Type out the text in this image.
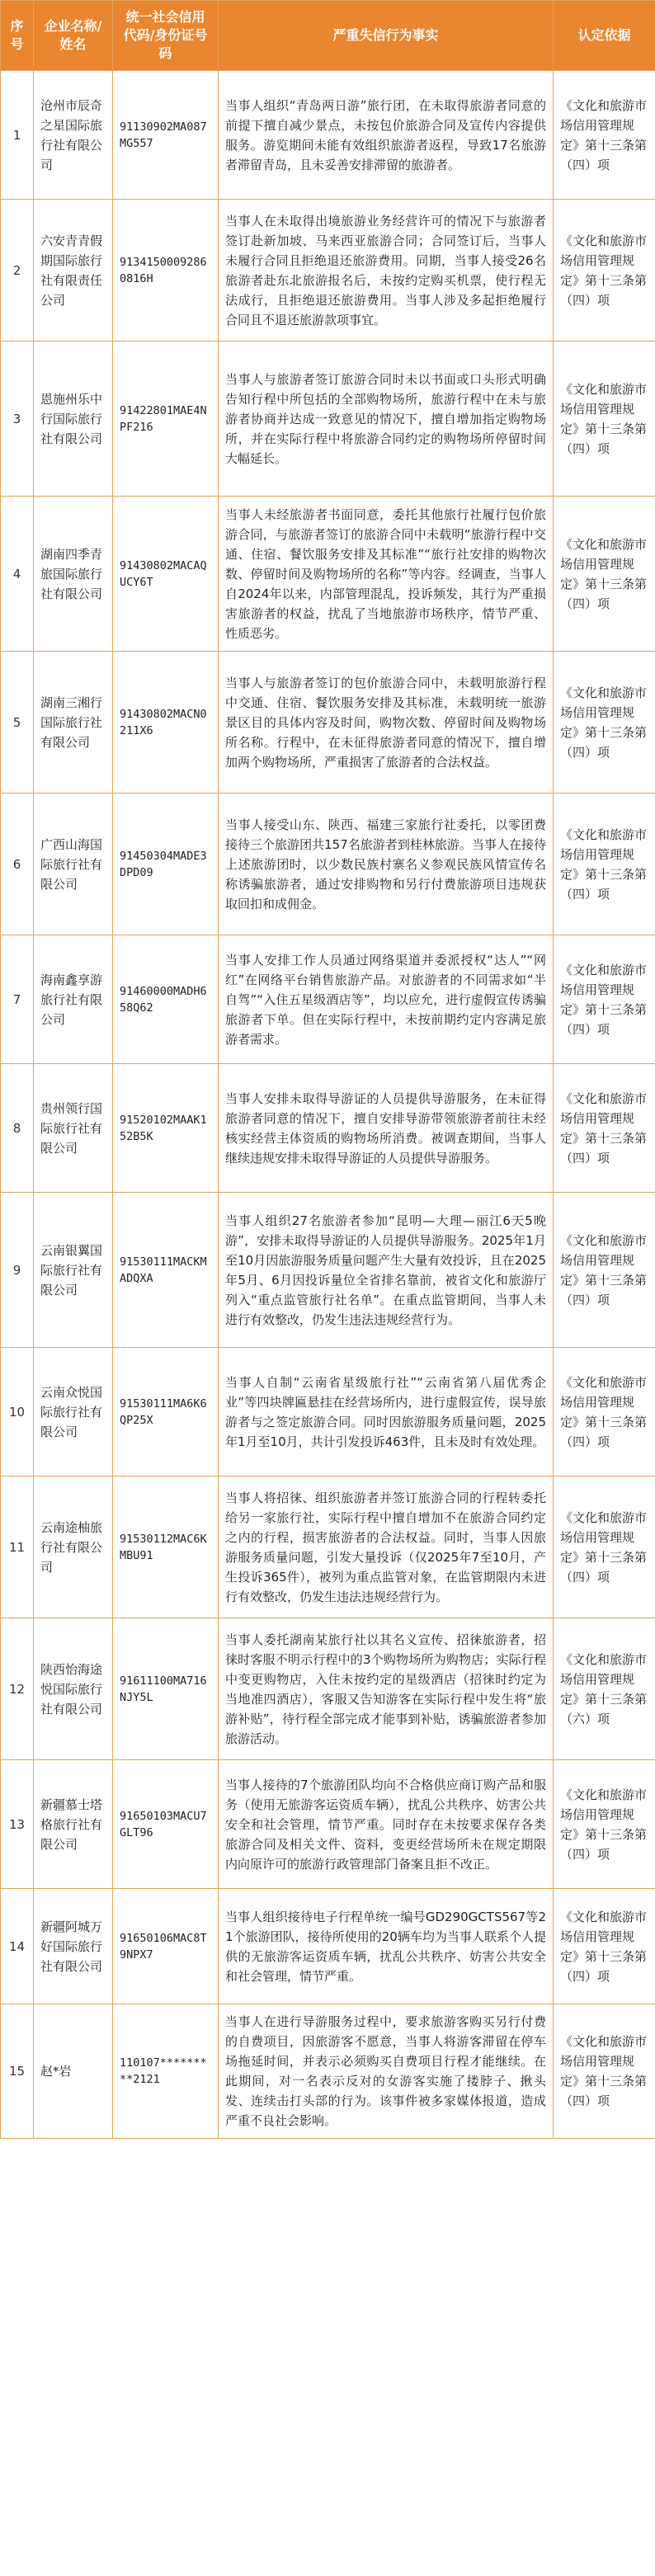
序号	企业名称/姓名	统一社会信用代码/身份证号码	严重失信行为事实	认定依据
1	沧州市辰奇之星国际旅行社有限公司	91130902MA087MG557	当事人组织“青岛两日游”旅行团，在未取得旅游者同意的前提下擅自减少景点，未按包价旅游合同及宣传内容提供服务。游览期间未能有效组织旅游者返程，导致17名旅游者滞留青岛，且未妥善安排滞留的旅游者。	《文化和旅游市场信用管理规定》第十三条第（四）项
2	六安青青假期国际旅行社有限责任公司	91341500092860816H	当事人在未取得出境旅游业务经营许可的情况下与旅游者签订赴新加坡、马来西亚旅游合同；合同签订后，当事人未履行合同且拒绝退还旅游费用。同期，当事人接受26名旅游者赴东北旅游报名后，未按约定购买机票，使行程无法成行，且拒绝退还旅游费用。当事人涉及多起拒绝履行合同且不退还旅游款项事宜。	《文化和旅游市场信用管理规定》第十三条第（四）项
3	恩施州乐中行国际旅行社有限公司	91422801MAE4NPF216	当事人与旅游者签订旅游合同时未以书面或口头形式明确告知行程中所包括的全部购物场所，旅游行程中在未与旅游者协商并达成一致意见的情况下，擅自增加指定购物场所，并在实际行程中将旅游合同约定的购物场所停留时间大幅延长。	《文化和旅游市场信用管理规定》第十三条第（四）项
4	湖南四季青旅国际旅行社有限公司	91430802MACAQUCY6T	当事人未经旅游者书面同意，委托其他旅行社履行包价旅游合同，与旅游者签订的旅游合同中未载明“旅游行程中交通、住宿、餐饮服务安排及其标准”“旅行社安排的购物次数、停留时间及购物场所的名称”等内容。经调查，当事人自2024年以来，内部管理混乱，投诉频发，其行为严重损害旅游者的权益，扰乱了当地旅游市场秩序，情节严重、性质恶劣。	《文化和旅游市场信用管理规定》第十三条第（四）项
5	湖南三湘行国际旅行社有限公司	91430802MACN0211X6	当事人与旅游者签订的包价旅游合同中，未载明旅游行程中交通、住宿、餐饮服务安排及其标准，未载明统一旅游景区目的具体内容及时间，购物次数、停留时间及购物场所名称。行程中，在未征得旅游者同意的情况下，擅自增加两个购物场所，严重损害了旅游者的合法权益。	《文化和旅游市场信用管理规定》第十三条第（四）项
6	广西山海国际旅行社有限公司	91450304MADE3DPD09	当事人接受山东、陕西、福建三家旅行社委托，以零团费接待三个旅游团共157名旅游者到桂林旅游。当事人在接待上述旅游团时，以少数民族村寨名义参观民族风情宣传名称诱骗旅游者，通过安排购物和另行付费旅游项目违规获取回扣和成佣金。	《文化和旅游市场信用管理规定》第十三条第（四）项
7	海南鑫享游旅行社有限公司	91460000MADH658Q62	当事人安排工作人员通过网络渠道并委派授权“达人”“网红”在网络平台销售旅游产品。对旅游者的不同需求如“半自驾”“入住五星级酒店等”，均以应允，进行虚假宣传诱骗旅游者下单。但在实际行程中，未按前期约定内容满足旅游者需求。	《文化和旅游市场信用管理规定》第十三条第（四）项
8	贵州领行国际旅行社有限公司	91520102MAAK152B5K	当事人安排未取得导游证的人员提供导游服务，在未征得旅游者同意的情况下，擅自安排导游带领旅游者前往未经核实经营主体资质的购物场所消费。被调查期间，当事人继续违规安排未取得导游证的人员提供导游服务。	《文化和旅游市场信用管理规定》第十三条第（四）项
9	云南银翼国际旅行社有限公司	91530111MACKMADQXA	当事人组织27名旅游者参加“昆明—大理—丽江6天5晚游”，安排未取得导游证的人员提供导游服务。2025年1月至10月因旅游服务质量问题产生大量有效投诉，且在2025年5月、6月因投诉量位全省排名靠前，被省文化和旅游厅列入“重点监管旅行社名单”。在重点监管期间，当事人未进行有效整改，仍发生违法违规经营行为。	《文化和旅游市场信用管理规定》第十三条第（四）项
10	云南众悦国际旅行社有限公司	91530111MA6K6QP25X	当事人自制“云南省星级旅行社”“云南省第八届优秀企业”等四块牌匾悬挂在经营场所内，进行虚假宣传，误导旅游者与之签定旅游合同。同时因旅游服务质量问题，2025年1月至10月，共计引发投诉463件，且未及时有效处理。	《文化和旅游市场信用管理规定》第十三条第（四）项
11	云南途柚旅行社有限公司	91530112MAC6KMBU91	当事人将招徕、组织旅游者并签订旅游合同的行程转委托给另一家旅行社，实际行程中擅自增加不在旅游合同约定之内的行程，损害旅游者的合法权益。同时，当事人因旅游服务质量问题，引发大量投诉（仅2025年7至10月，产生投诉365件），被列为重点监管对象，在监管期限内未进行有效整改，仍发生违法违规经营行为。	《文化和旅游市场信用管理规定》第十三条第（四）项
12	陕西怡海途悦国际旅行社有限公司	91611100MA716NJY5L	当事人委托湖南某旅行社以其名义宣传、招徕旅游者，招徕时客服不明示行程中的3个购物场所为购物店；实际行程中变更购物店，入住未按约定的星级酒店（招徕时约定为当地准四酒店），客服又告知游客在实际行程中发生将“旅游补贴”，待行程全部完成才能事到补贴，诱骗旅游者参加旅游活动。	《文化和旅游市场信用管理规定》第十三条第（六）项
13	新疆慕士塔格旅行社有限公司	91650103MACU7GLT96	当事人接待的7个旅游团队均向不合格供应商订购产品和服务（使用无旅游客运资质车辆），扰乱公共秩序、妨害公共安全和社会管理，情节严重。同时存在未按要求保存各类旅游合同及相关文件、资料，变更经营场所未在规定期限内向原许可的旅游行政管理部门备案且拒不改正。	《文化和旅游市场信用管理规定》第十三条第（四）项
14	新疆阿城万好国际旅行社有限公司	91650106MAC8T9NPX7	当事人组织接待电子行程单统一编号GD290GCTS567等21个旅游团队，接待所使用的20辆车均为当事人联系个人提供的无旅游客运资质车辆，扰乱公共秩序、妨害公共安全和社会管理，情节严重。	《文化和旅游市场信用管理规定》第十三条第（四）项
15	赵*岩	110107*********2121	当事人在进行导游服务过程中，要求旅游客购买另行付费的自费项目，因旅游客不愿意，当事人将游客滞留在停车场拖延时间，并表示必须购买自费项目行程才能继续。在此期间，对一名表示反对的女游客实施了搂脖子、揪头发、连续击打头部的行为。该事件被多家媒体报道，造成严重不良社会影响。	《文化和旅游市场信用管理规定》第十三条第（四）项
